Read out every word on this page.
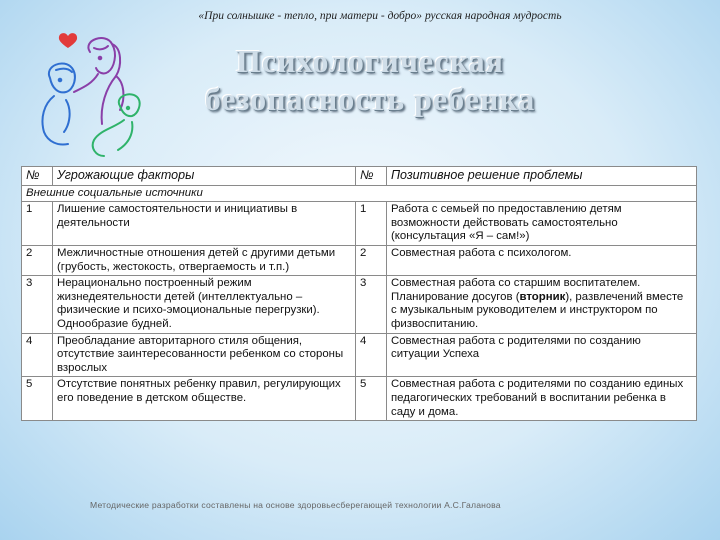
«При солнышке - тепло, при матери - добро» русская народная мудрость
Психологическая
безопасность ребенка
№	Угрожающие факторы	№	Позитивное решение проблемы
Внешние социальные источники			
1	Лишение самостоятельности и инициативы в деятельности	1	Работа с семьей по предоставлению детям возможности действовать самостоятельно (консультация «Я – сам!»)
2	Межличностные отношения детей с другими детьми (грубость, жестокость, отвергаемость и т.п.)	2	Совместная работа с психологом.
3	Нерационально построенный режим жизнедеятельности детей (интеллектуально – физические и психо-эмоциональные перегрузки). Однообразие будней.	3	Совместная работа со старшим воспитателем. Планирование досугов (вторник), развлечений вместе с музыкальным руководителем и инструктором по физвоспитанию.
4	Преобладание авторитарного стиля общения, отсутствие заинтересованности ребенком со стороны взрослых	4	Совместная работа с родителями по созданию ситуации Успеха
5	Отсутствие понятных ребенку правил, регулирующих его поведение в детском обществе.	5	Совместная работа с родителями по созданию единых педагогических требований в воспитании ребенка в саду и дома.
Методические разработки составлены на основе здоровьесберегающей технологии А.С.Галанова
